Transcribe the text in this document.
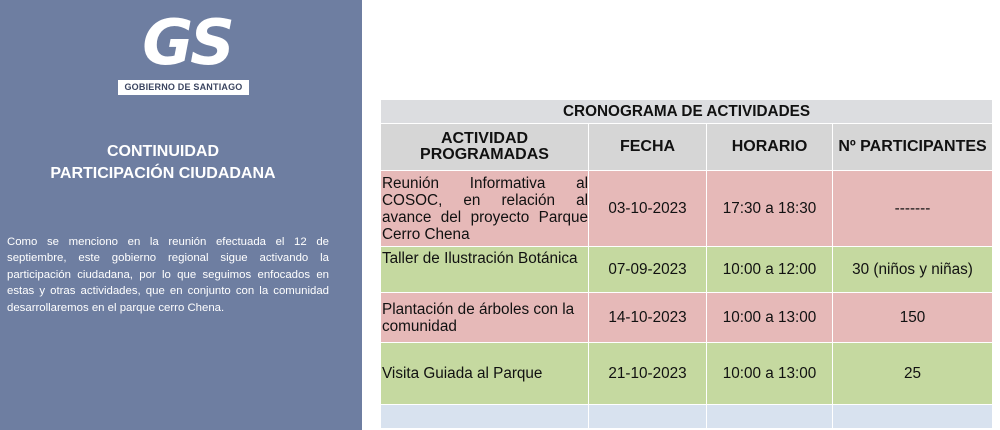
GS
GOBIERNO DE SANTIAGO
CONTINUIDAD
PARTICIPACIÓN CIUDADANA
Como se menciono en la reunión efectuada el 12 de septiembre, este gobierno regional sigue activando la participación ciudadana, por lo que seguimos enfocados en estas y otras actividades, que en conjunto con la comunidad desarrollaremos en el parque cerro Chena.
CRONOGRAMA DE ACTIVIDADES			
ACTIVIDAD PROGRAMADAS	FECHA	HORARIO	Nº PARTICIPANTES
Reunión Informativa al COSOC, en relación al avance del proyecto Parque Cerro Chena	03-10-2023	17:30 a 18:30	-------
Taller de Ilustración Botánica	07-09-2023	10:00 a 12:00	30 (niños y niñas)
Plantación de árboles con la comunidad	14-10-2023	10:00 a 13:00	150
Visita Guiada al Parque	21-10-2023	10:00 a 13:00	25
